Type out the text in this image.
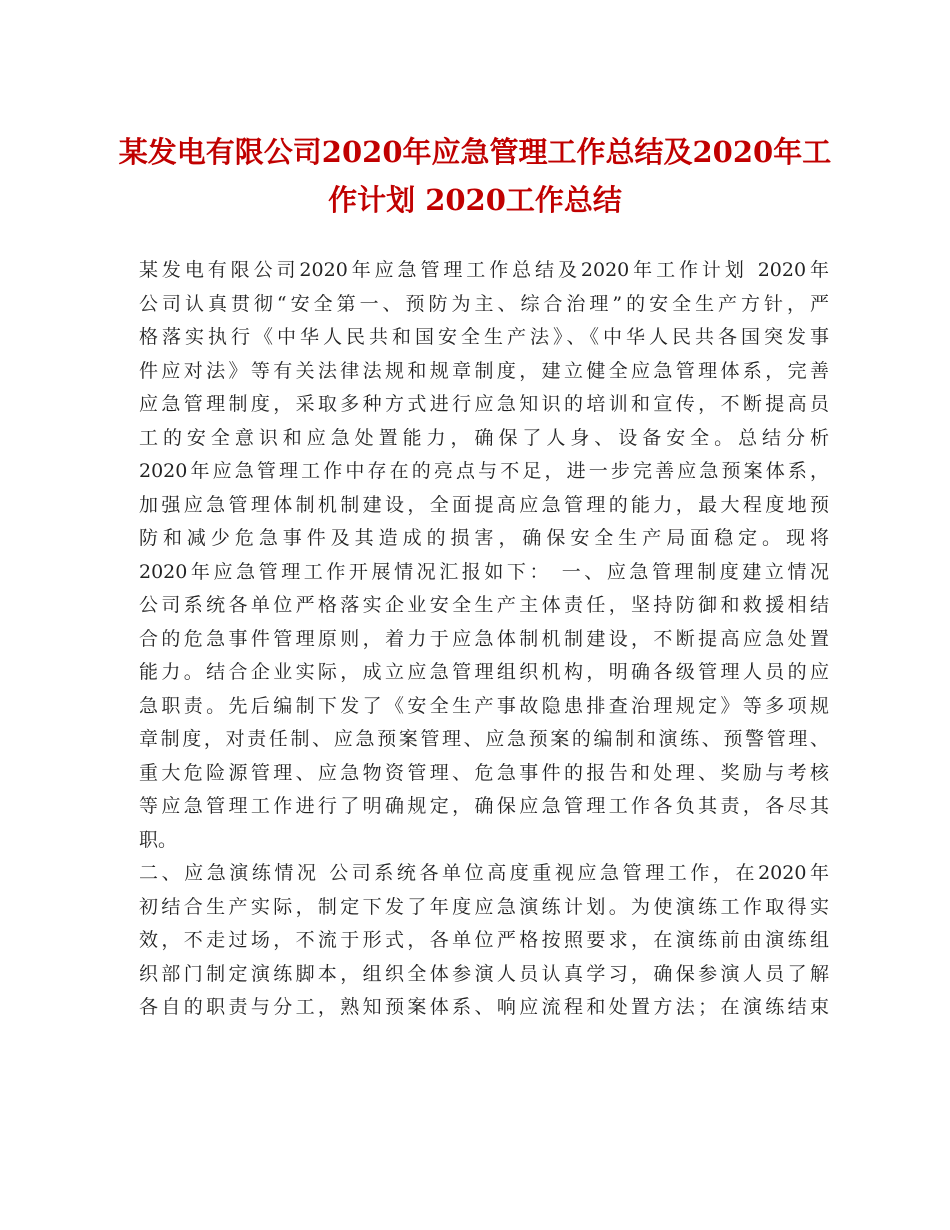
某发电有限公司2020年应急管理工作总结及2020年工
作计划 2020工作总结
某发电有限公司2020年应急管理工作总结及2020年工作计划 2020年
公司认真贯彻“安全第一、预防为主、综合治理”的安全生产方针，严
格落实执行《中华人民共和国安全生产法》、《中华人民共各国突发事
件应对法》等有关法律法规和规章制度，建立健全应急管理体系，完善
应急管理制度，采取多种方式进行应急知识的培训和宣传，不断提高员
工的安全意识和应急处置能力，确保了人身、设备安全。总结分析
2020年应急管理工作中存在的亮点与不足，进一步完善应急预案体系，
加强应急管理体制机制建设，全面提高应急管理的能力，最大程度地预
防和减少危急事件及其造成的损害，确保安全生产局面稳定。现将
2020年应急管理工作开展情况汇报如下： 一、应急管理制度建立情况
公司系统各单位严格落实企业安全生产主体责任，坚持防御和救援相结
合的危急事件管理原则，着力于应急体制机制建设，不断提高应急处置
能力。结合企业实际，成立应急管理组织机构，明确各级管理人员的应
急职责。先后编制下发了《安全生产事故隐患排查治理规定》等多项规
章制度，对责任制、应急预案管理、应急预案的编制和演练、预警管理、
重大危险源管理、应急物资管理、危急事件的报告和处理、奖励与考核
等应急管理工作进行了明确规定，确保应急管理工作各负其责，各尽其
职。
二、应急演练情况 公司系统各单位高度重视应急管理工作，在2020年
初结合生产实际，制定下发了年度应急演练计划。为使演练工作取得实
效，不走过场，不流于形式，各单位严格按照要求，在演练前由演练组
织部门制定演练脚本，组织全体参演人员认真学习，确保参演人员了解
各自的职责与分工，熟知预案体系、响应流程和处置方法；在演练结束
